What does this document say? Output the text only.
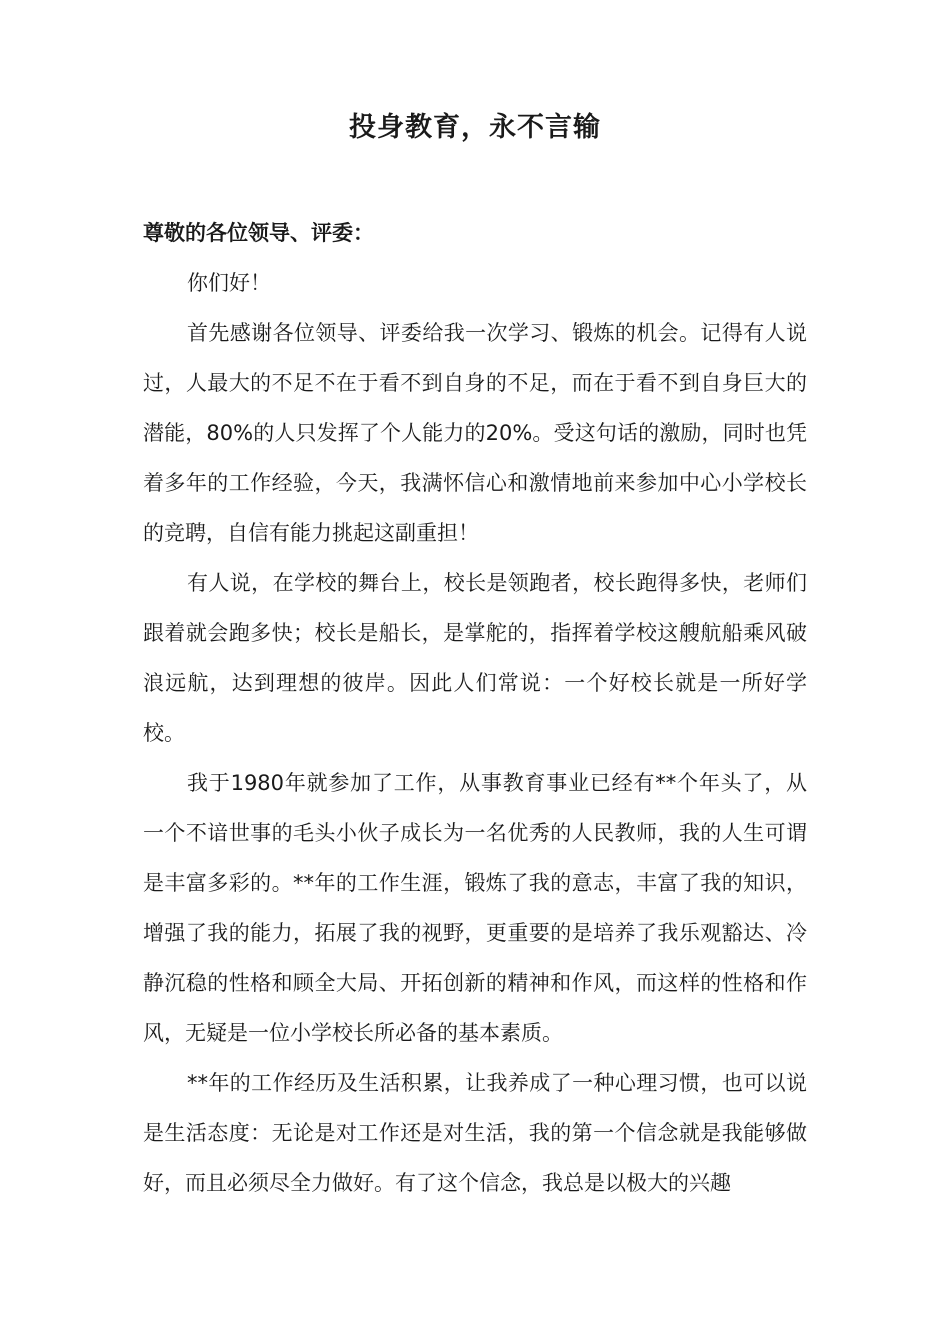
投身教育，永不言输

尊敬的各位领导、评委：

你们好！

首先感谢各位领导、评委给我一次学习、锻炼的机会。记得有人说过，人最大的不足不在于看不到自身的不足，而在于看不到自身巨大的潜能，80%的人只发挥了个人能力的20%。受这句话的激励，同时也凭着多年的工作经验，今天，我满怀信心和激情地前来参加中心小学校长的竞聘，自信有能力挑起这副重担！

有人说，在学校的舞台上，校长是领跑者，校长跑得多快，老师们跟着就会跑多快；校长是船长，是掌舵的，指挥着学校这艘航船乘风破浪远航，达到理想的彼岸。因此人们常说：一个好校长就是一所好学校。

我于1980年就参加了工作，从事教育事业已经有**个年头了，从一个不谙世事的毛头小伙子成长为一名优秀的人民教师，我的人生可谓是丰富多彩的。**年的工作生涯，锻炼了我的意志，丰富了我的知识，增强了我的能力，拓展了我的视野，更重要的是培养了我乐观豁达、冷静沉稳的性格和顾全大局、开拓创新的精神和作风，而这样的性格和作风，无疑是一位小学校长所必备的基本素质。

**年的工作经历及生活积累，让我养成了一种心理习惯，也可以说是生活态度：无论是对工作还是对生活，我的第一个信念就是我能够做好，而且必须尽全力做好。有了这个信念，我总是以极大的兴趣
